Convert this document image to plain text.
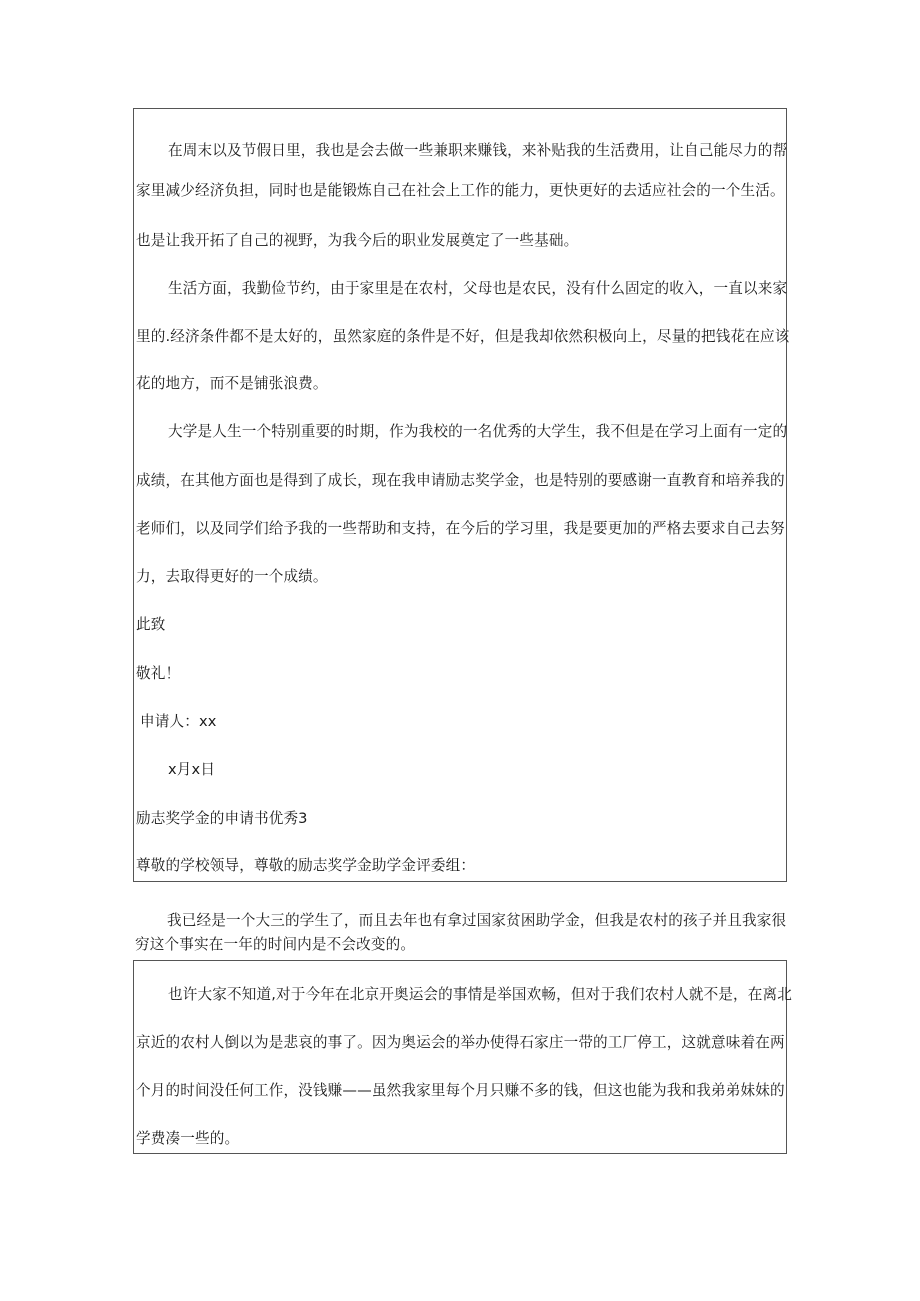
在周末以及节假日里，我也是会去做一些兼职来赚钱，来补贴我的生活费用，让自己能尽力的帮
家里减少经济负担，同时也是能锻炼自己在社会上工作的能力，更快更好的去适应社会的一个生活。
也是让我开拓了自己的视野，为我今后的职业发展奠定了一些基础。
生活方面，我勤俭节约，由于家里是在农村，父母也是农民，没有什么固定的收入，一直以来家
里的.经济条件都不是太好的，虽然家庭的条件是不好，但是我却依然积极向上，尽量的把钱花在应该
花的地方，而不是铺张浪费。
大学是人生一个特别重要的时期，作为我校的一名优秀的大学生，我不但是在学习上面有一定的
成绩，在其他方面也是得到了成长，现在我申请励志奖学金，也是特别的要感谢一直教育和培养我的
老师们，以及同学们给予我的一些帮助和支持，在今后的学习里，我是要更加的严格去要求自己去努
力，去取得更好的一个成绩。
此致
敬礼！
申请人：xx
x月x日
励志奖学金的申请书优秀3
尊敬的学校领导，尊敬的励志奖学金助学金评委组：
我已经是一个大三的学生了，而且去年也有拿过国家贫困助学金，但我是农村的孩子并且我家很
穷这个事实在一年的时间内是不会改变的。
也许大家不知道,对于今年在北京开奥运会的事情是举国欢畅，但对于我们农村人就不是，在离北
京近的农村人倒以为是悲哀的事了。因为奥运会的举办使得石家庄一带的工厂停工，这就意味着在两
个月的时间没任何工作，没钱赚——虽然我家里每个月只赚不多的钱，但这也能为我和我弟弟妹妹的
学费凑一些的。
